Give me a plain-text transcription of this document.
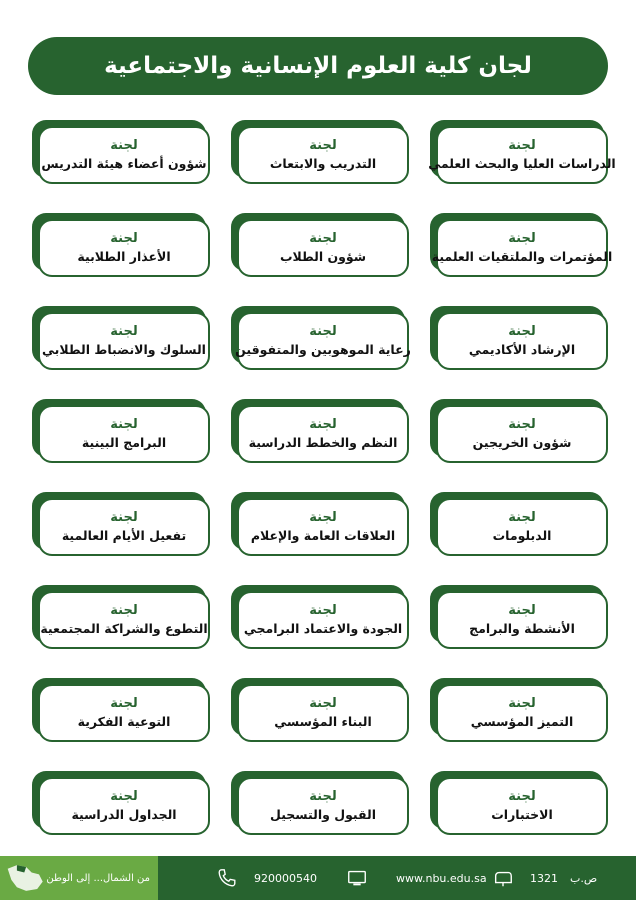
لجان كلية العلوم الإنسانية والاجتماعية
لجنة
الدراسات العليا والبحث العلمي
لجنة
التدريب والابتعاث
لجنة
شؤون أعضاء هيئة التدريس
لجنة
المؤتمرات والملتقيات العلمية
لجنة
شؤون الطلاب
لجنة
الأعذار الطلابية
لجنة
الإرشاد الأكاديمي
لجنة
رعاية الموهوبين والمتفوقين
لجنة
السلوك والانضباط الطلابي
لجنة
شؤون الخريجين
لجنة
النظم والخطط الدراسية
لجنة
البرامج البينية
لجنة
الدبلومات
لجنة
العلاقات العامة والإعلام
لجنة
تفعيل الأيام العالمية
لجنة
الأنشطة والبرامج
لجنة
الجودة والاعتماد البرامجي
لجنة
التطوع والشراكة المجتمعية
لجنة
التميز المؤسسي
لجنة
البناء المؤسسي
لجنة
التوعية الفكرية
لجنة
الاختبارات
لجنة
القبول والتسجيل
لجنة
الجداول الدراسية
من الشمال... إلى الوطن	920000540	www.nbu.edu.sa	1321 ص.ب
